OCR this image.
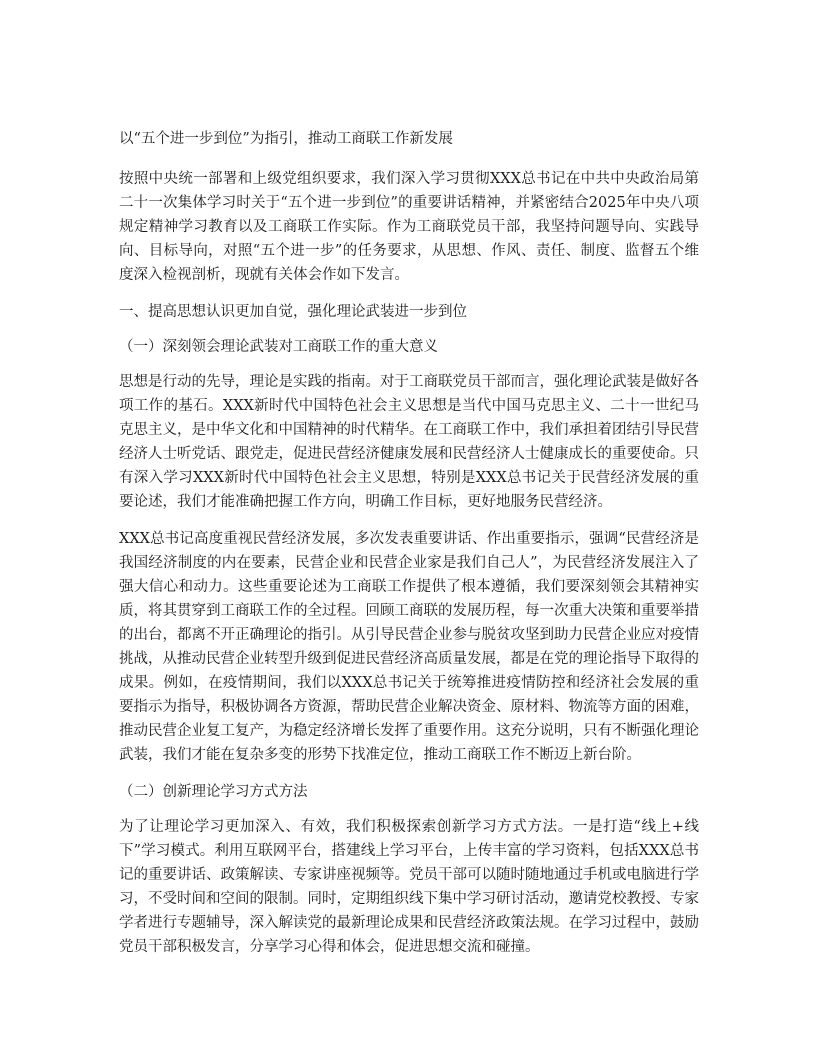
以“五个进一步到位”为指引，推动工商联工作新发展

按照中央统一部署和上级党组织要求，我们深入学习贯彻XXX总书记在中共中央政治局第二十一次集体学习时关于“五个进一步到位”的重要讲话精神，并紧密结合2025年中央八项规定精神学习教育以及工商联工作实际。作为工商联党员干部，我坚持问题导向、实践导向、目标导向，对照“五个进一步”的任务要求，从思想、作风、责任、制度、监督五个维度深入检视剖析，现就有关体会作如下发言。

一、提高思想认识更加自觉，强化理论武装进一步到位

（一）深刻领会理论武装对工商联工作的重大意义

思想是行动的先导，理论是实践的指南。对于工商联党员干部而言，强化理论武装是做好各项工作的基石。XXX新时代中国特色社会主义思想是当代中国马克思主义、二十一世纪马克思主义，是中华文化和中国精神的时代精华。在工商联工作中，我们承担着团结引导民营经济人士听党话、跟党走，促进民营经济健康发展和民营经济人士健康成长的重要使命。只有深入学习XXX新时代中国特色社会主义思想，特别是XXX总书记关于民营经济发展的重要论述，我们才能准确把握工作方向，明确工作目标，更好地服务民营经济。

XXX总书记高度重视民营经济发展，多次发表重要讲话、作出重要指示，强调“民营经济是我国经济制度的内在要素，民营企业和民营企业家是我们自己人”，为民营经济发展注入了强大信心和动力。这些重要论述为工商联工作提供了根本遵循，我们要深刻领会其精神实质，将其贯穿到工商联工作的全过程。回顾工商联的发展历程，每一次重大决策和重要举措的出台，都离不开正确理论的指引。从引导民营企业参与脱贫攻坚到助力民营企业应对疫情挑战，从推动民营企业转型升级到促进民营经济高质量发展，都是在党的理论指导下取得的成果。例如，在疫情期间，我们以XXX总书记关于统筹推进疫情防控和经济社会发展的重要指示为指导，积极协调各方资源，帮助民营企业解决资金、原材料、物流等方面的困难，推动民营企业复工复产，为稳定经济增长发挥了重要作用。这充分说明，只有不断强化理论武装，我们才能在复杂多变的形势下找准定位，推动工商联工作不断迈上新台阶。

（二）创新理论学习方式方法

为了让理论学习更加深入、有效，我们积极探索创新学习方式方法。一是打造“线上+线下”学习模式。利用互联网平台，搭建线上学习平台，上传丰富的学习资料，包括XXX总书记的重要讲话、政策解读、专家讲座视频等。党员干部可以随时随地通过手机或电脑进行学习，不受时间和空间的限制。同时，定期组织线下集中学习研讨活动，邀请党校教授、专家学者进行专题辅导，深入解读党的最新理论成果和民营经济政策法规。在学习过程中，鼓励党员干部积极发言，分享学习心得和体会，促进思想交流和碰撞。
